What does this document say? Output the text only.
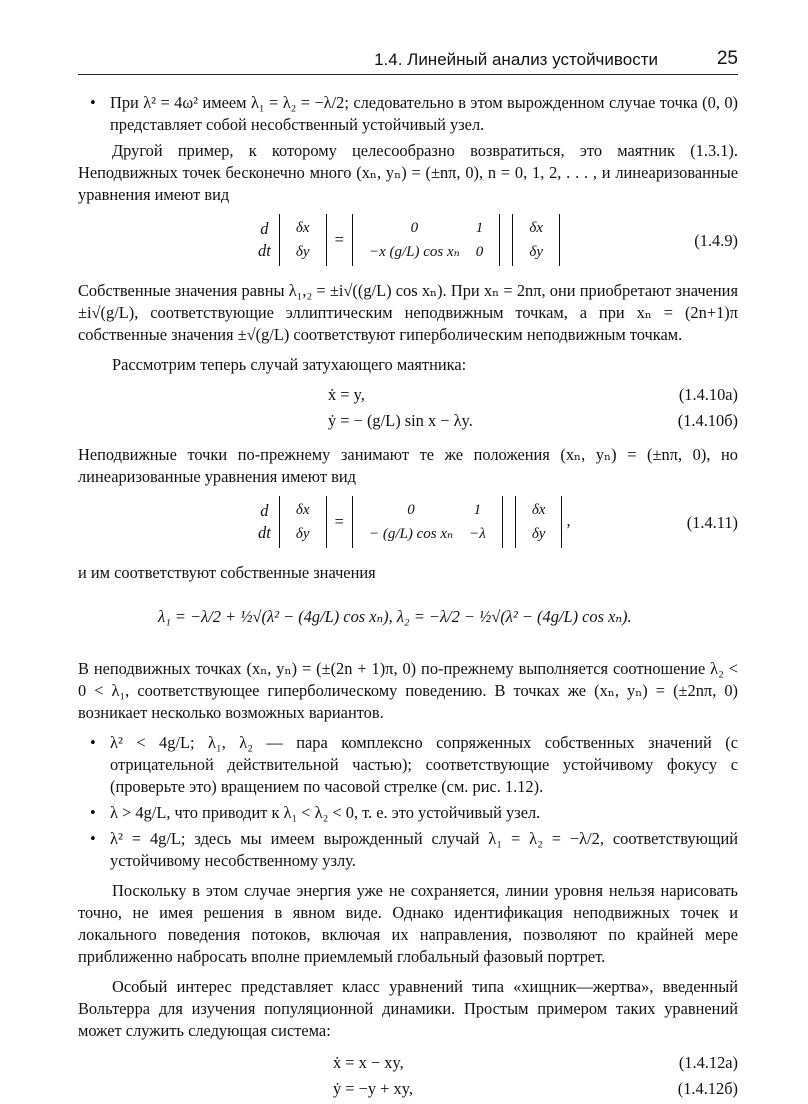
1.4. Линейный анализ устойчивости	25
• При λ² = 4ω² имеем λ₁ = λ₂ = −λ/2; следовательно в этом вырожденном случае точка (0, 0) представляет собой несобственный устойчивый узел.

Другой пример, к которому целесообразно возвратиться, это маятник (1.3.1). Неподвижных точек бесконечно много (xₙ, yₙ) = (±nπ, 0), n = 0, 1, 2, . . . , и линеаризованные уравнения имеют вид

d
dt
δx
δy
=
0	1
−x (g/L) cos xₙ	0

δx
δy
(1.4.9)

Собственные значения равны λ₁,₂ = ±i√((g/L) cos xₙ). При xₙ = 2nπ, они приобретают значения ±i√(g/L), соответствующие эллиптическим неподвижным точкам, а при xₙ = (2n+1)π собственные значения ±√(g/L) соответствуют гиперболическим неподвижным точкам.

Рассмотрим теперь случай затухающего маятника:

ẋ = y,	(1.4.10а)
ẏ = − (g/L) sin x − λy.	(1.4.10б)

Неподвижные точки по-прежнему занимают те же положения (xₙ, yₙ) = (±nπ, 0), но линеаризованные уравнения имеют вид

d
dt
δx
δy
=
0	1
− (g/L) cos xₙ	−λ

δx
δy
,	(1.4.11)

и им соответствуют собственные значения

λ₁ = −λ/2 + ½√(λ² − (4g/L) cos xₙ), λ₂ = −λ/2 − ½√(λ² − (4g/L) cos xₙ).

В неподвижных точках (xₙ, yₙ) = (±(2n + 1)π, 0) по-прежнему выполняется соотношение λ₂ < 0 < λ₁, соответствующее гиперболическому поведению. В точках же (xₙ, yₙ) = (±2nπ, 0) возникает несколько возможных вариантов.

• λ² < 4g/L; λ₁, λ₂ — пара комплексно сопряженных собственных значений (с отрицательной действительной частью); соответствующие устойчивому фокусу с (проверьте это) вращением по часовой стрелке (см. рис. 1.12).
• λ > 4g/L, что приводит к λ₁ < λ₂ < 0, т. е. это устойчивый узел.
• λ² = 4g/L; здесь мы имеем вырожденный случай λ₁ = λ₂ = −λ/2, соответствующий устойчивому несобственному узлу.

Поскольку в этом случае энергия уже не сохраняется, линии уровня нельзя нарисовать точно, не имея решения в явном виде. Однако идентификация неподвижных точек и локального поведения потоков, включая их направления, позволяют по крайней мере приближенно набросать вполне приемлемый глобальный фазовый портрет.

Особый интерес представляет класс уравнений типа «хищник—жертва», введенный Вольтерра для изучения популяционной динамики. Простым примером таких уравнений может служить следующая система:

ẋ = x − xy,	(1.4.12а)
ẏ = −y + xy,	(1.4.12б)
